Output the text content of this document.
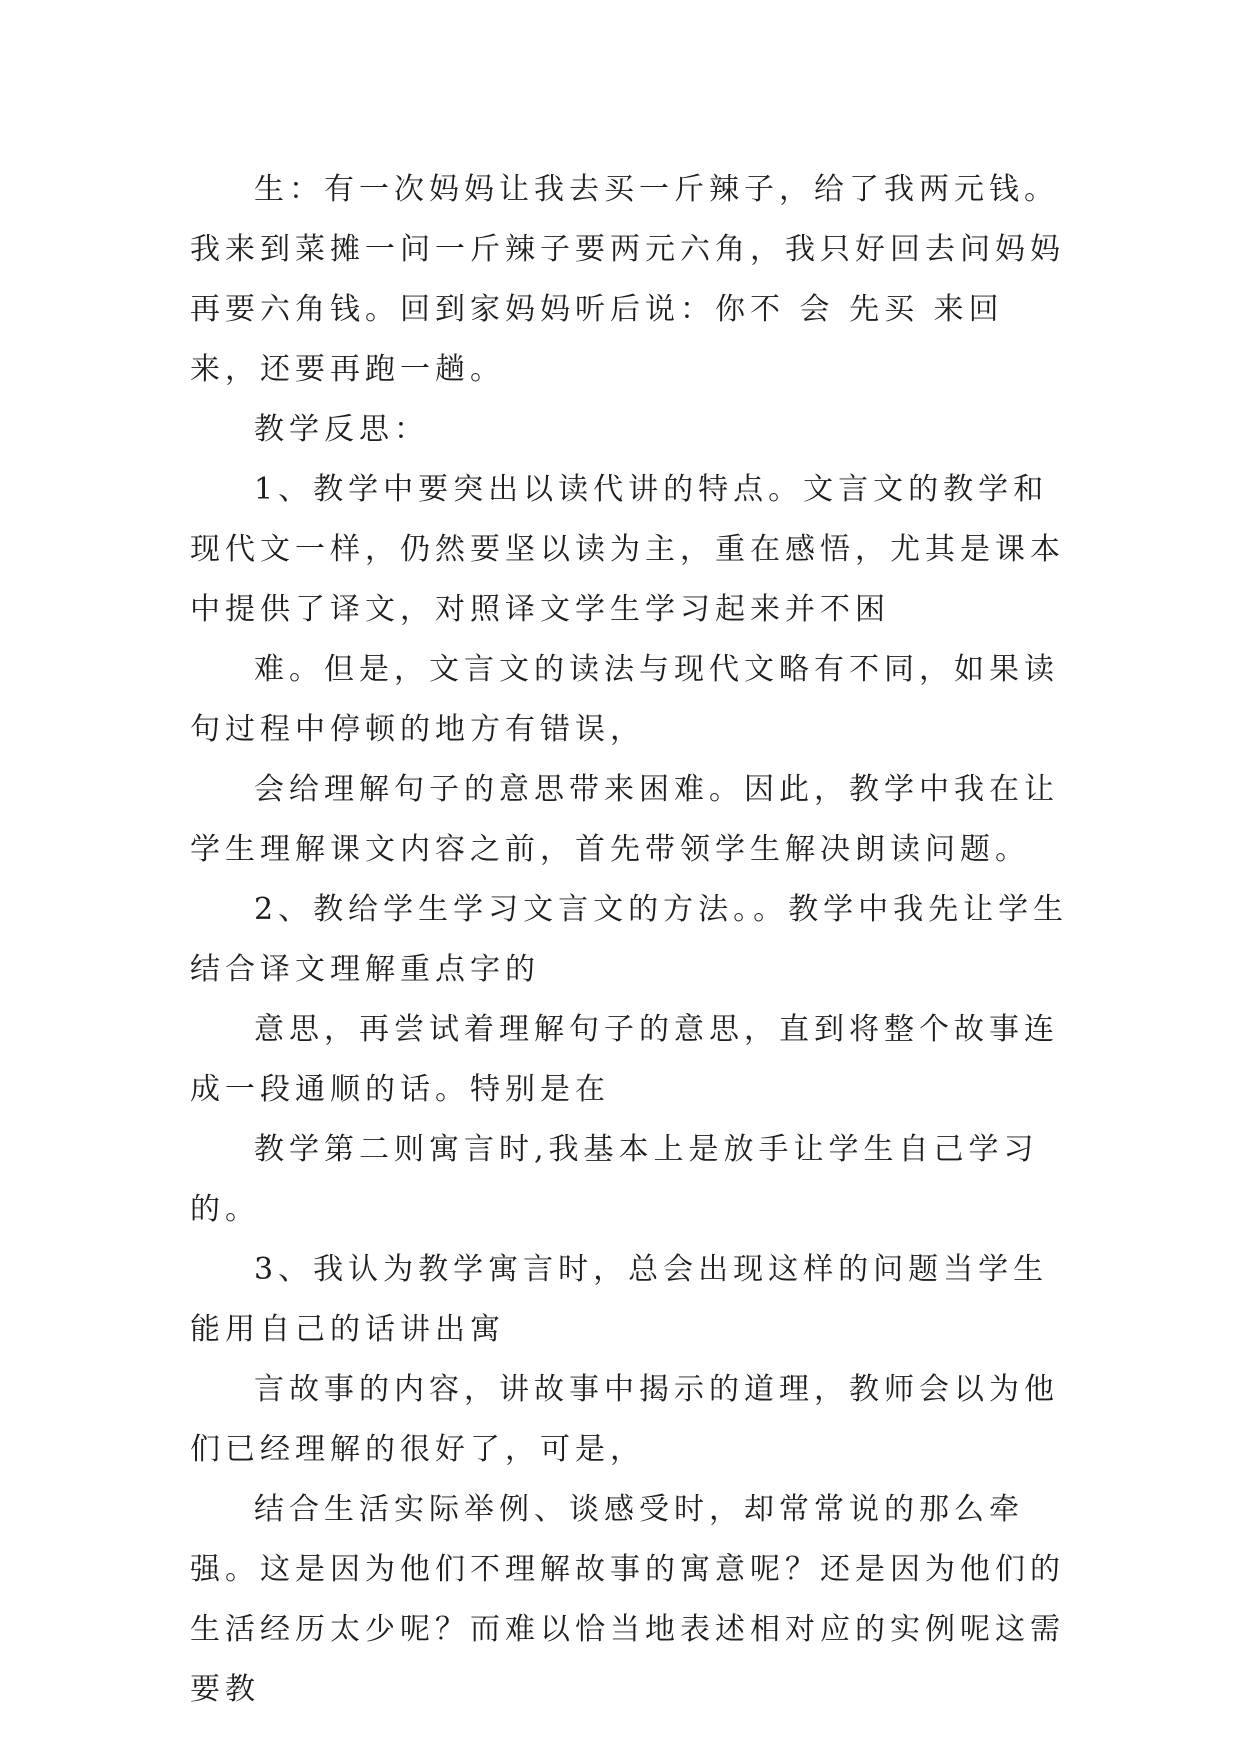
生：有一次妈妈让我去买一斤辣子，给了我两元钱。我来到菜摊一问一斤辣子要两元六角，我只好回去问妈妈再要六角钱。回到家妈妈听后说：你不 会 先买 来回来，还要再跑一趟。

教学反思：

1、教学中要突出以读代讲的特点。文言文的教学和现代文一样，仍然要坚以读为主，重在感悟，尤其是课本中提供了译文，对照译文学生学习起来并不困

难。但是，文言文的读法与现代文略有不同，如果读句过程中停顿的地方有错误，

会给理解句子的意思带来困难。因此，教学中我在让学生理解课文内容之前，首先带领学生解决朗读问题。

2、教给学生学习文言文的方法。。教学中我先让学生结合译文理解重点字的

意思，再尝试着理解句子的意思，直到将整个故事连成一段通顺的话。特别是在

教学第二则寓言时,我基本上是放手让学生自己学习的。

3、我认为教学寓言时，总会出现这样的问题当学生能用自己的话讲出寓

言故事的内容，讲故事中揭示的道理，教师会以为他们已经理解的很好了，可是，

结合生活实际举例、谈感受时，却常常说的那么牵强。这是因为他们不理解故事的寓意呢？还是因为他们的生活经历太少呢？而难以恰当地表述相对应的实例呢这需要教
